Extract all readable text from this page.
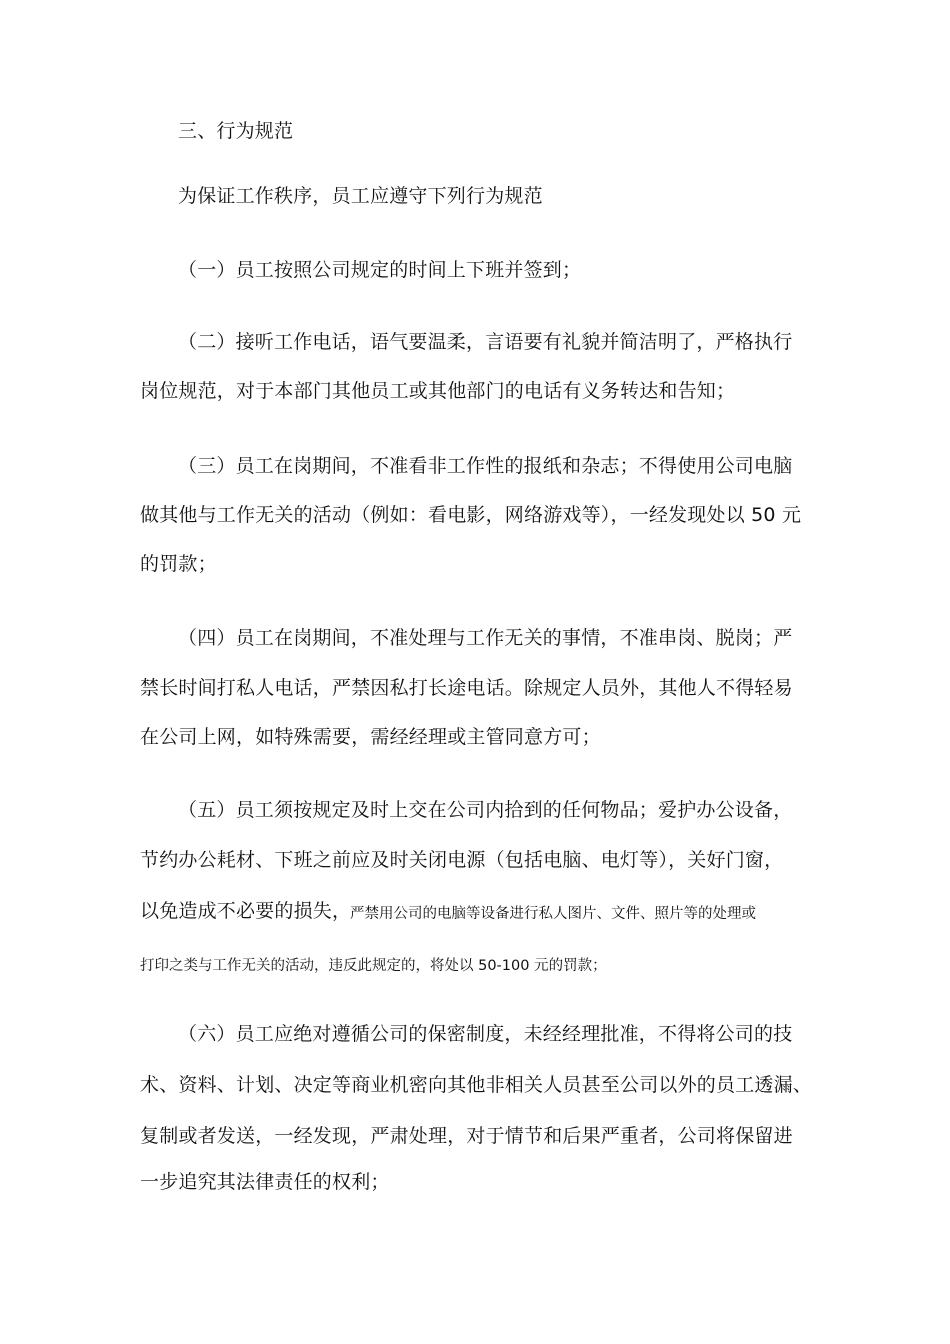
三、行为规范
为保证工作秩序，员工应遵守下列行为规范
（一）员工按照公司规定的时间上下班并签到；
（二）接听工作电话，语气要温柔，言语要有礼貌并简洁明了，严格执行
岗位规范，对于本部门其他员工或其他部门的电话有义务转达和告知；
（三）员工在岗期间，不准看非工作性的报纸和杂志；不得使用公司电脑
做其他与工作无关的活动（例如：看电影，网络游戏等），一经发现处以 50 元
的罚款；
（四）员工在岗期间，不准处理与工作无关的事情，不准串岗、脱岗；严
禁长时间打私人电话，严禁因私打长途电话。除规定人员外，其他人不得轻易
在公司上网，如特殊需要，需经经理或主管同意方可；
（五）员工须按规定及时上交在公司内拾到的任何物品；爱护办公设备，
节约办公耗材、下班之前应及时关闭电源（包括电脑、电灯等），关好门窗，
以免造成不必要的损失，
严禁用公司的电脑等设备进行私人图片、文件、照片等的处理或
打印之类与工作无关的活动，违反此规定的，将处以 50-100 元的罚款；
（六）员工应绝对遵循公司的保密制度，未经经理批准，不得将公司的技
术、资料、计划、决定等商业机密向其他非相关人员甚至公司以外的员工透漏、
复制或者发送，一经发现，严肃处理，对于情节和后果严重者，公司将保留进
一步追究其法律责任的权利；
